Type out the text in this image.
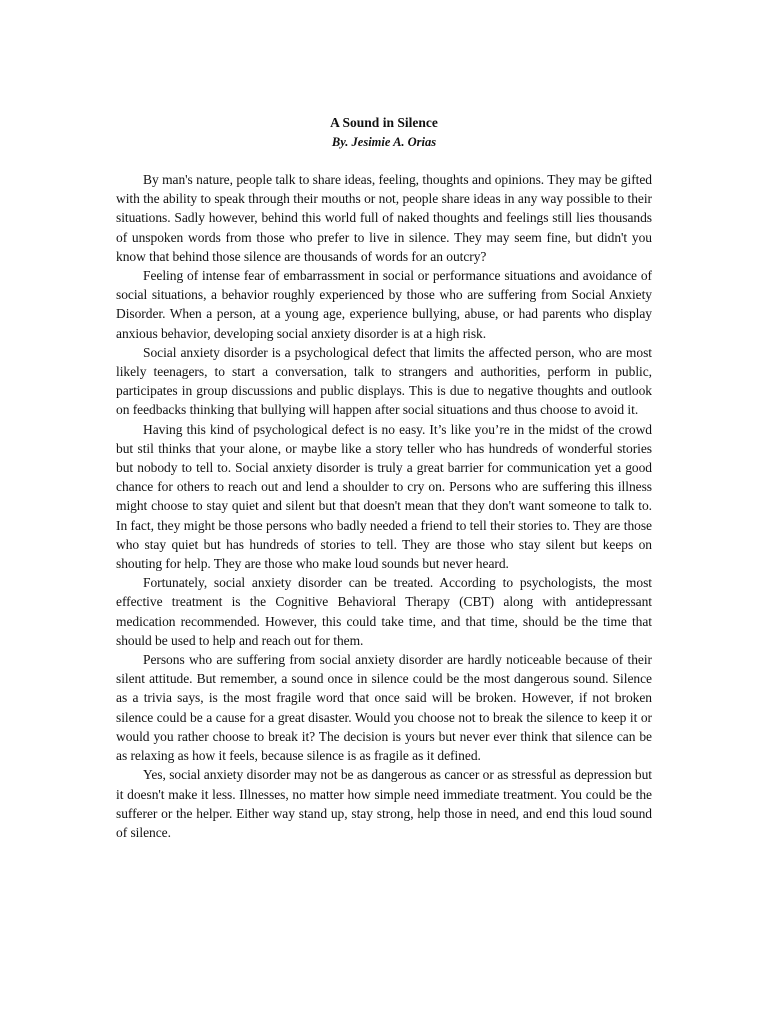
A Sound in Silence
By. Jesimie A. Orias

By man's nature, people talk to share ideas, feeling, thoughts and opinions. They may be gifted with the ability to speak through their mouths or not, people share ideas in any way possible to their situations. Sadly however, behind this world full of naked thoughts and feelings still lies thousands of unspoken words from those who prefer to live in silence. They may seem fine, but didn't you know that behind those silence are thousands of words for an outcry?

Feeling of intense fear of embarrassment in social or performance situations and avoidance of social situations, a behavior roughly experienced by those who are suffering from Social Anxiety Disorder. When a person, at a young age, experience bullying, abuse, or had parents who display anxious behavior, developing social anxiety disorder is at a high risk.

Social anxiety disorder is a psychological defect that limits the affected person, who are most likely teenagers, to start a conversation, talk to strangers and authorities, perform in public, participates in group discussions and public displays. This is due to negative thoughts and outlook on feedbacks thinking that bullying will happen after social situations and thus choose to avoid it.

Having this kind of psychological defect is no easy. It’s like you’re in the midst of the crowd but stil thinks that your alone, or maybe like a story teller who has hundreds of wonderful stories but nobody to tell to. Social anxiety disorder is truly a great barrier for communication yet a good chance for others to reach out and lend a shoulder to cry on. Persons who are suffering this illness might choose to stay quiet and silent but that doesn't mean that they don't want someone to talk to. In fact, they might be those persons who badly needed a friend to tell their stories to. They are those who stay quiet but has hundreds of stories to tell. They are those who stay silent but keeps on shouting for help. They are those who make loud sounds but never heard.

Fortunately, social anxiety disorder can be treated. According to psychologists, the most effective treatment is the Cognitive Behavioral Therapy (CBT) along with antidepressant medication recommended. However, this could take time, and that time, should be the time that should be used to help and reach out for them.

Persons who are suffering from social anxiety disorder are hardly noticeable because of their silent attitude. But remember, a sound once in silence could be the most dangerous sound. Silence as a trivia says, is the most fragile word that once said will be broken. However, if not broken silence could be a cause for a great disaster. Would you choose not to break the silence to keep it or would you rather choose to break it? The decision is yours but never ever think that silence can be as relaxing as how it feels, because silence is as fragile as it defined.

Yes, social anxiety disorder may not be as dangerous as cancer or as stressful as depression but it doesn't make it less. Illnesses, no matter how simple need immediate treatment. You could be the sufferer or the helper. Either way stand up, stay strong, help those in need, and end this loud sound of silence.
